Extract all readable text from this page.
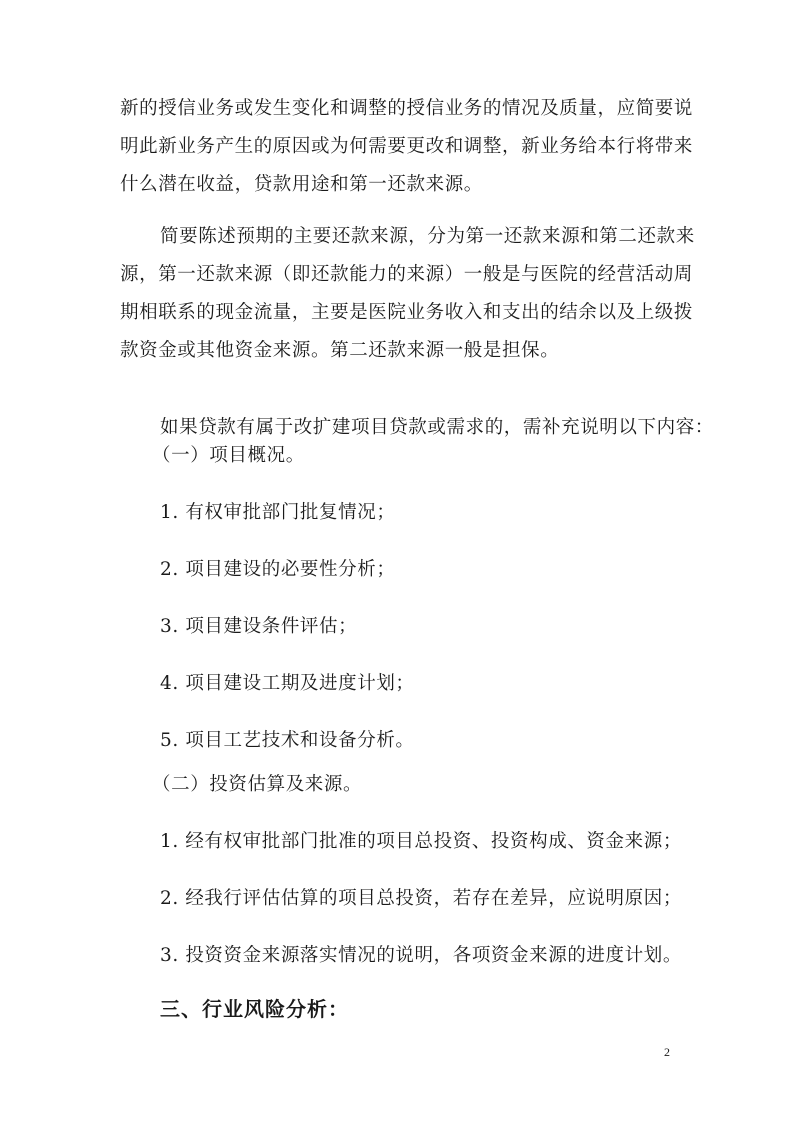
新的授信业务或发生变化和调整的授信业务的情况及质量，应简要说
明此新业务产生的原因或为何需要更改和调整，新业务给本行将带来
什么潜在收益，贷款用途和第一还款来源。
简要陈述预期的主要还款来源，分为第一还款来源和第二还款来
源，第一还款来源（即还款能力的来源）一般是与医院的经营活动周
期相联系的现金流量，主要是医院业务收入和支出的结余以及上级拨
款资金或其他资金来源。第二还款来源一般是担保。
如果贷款有属于改扩建项目贷款或需求的，需补充说明以下内容：
（一）项目概况。
1. 有权审批部门批复情况；
2. 项目建设的必要性分析；
3. 项目建设条件评估；
4. 项目建设工期及进度计划；
5. 项目工艺技术和设备分析。
（二）投资估算及来源。
1. 经有权审批部门批准的项目总投资、投资构成、资金来源；
2. 经我行评估估算的项目总投资，若存在差异，应说明原因；
3. 投资资金来源落实情况的说明，各项资金来源的进度计划。
三、行业风险分析：
2
